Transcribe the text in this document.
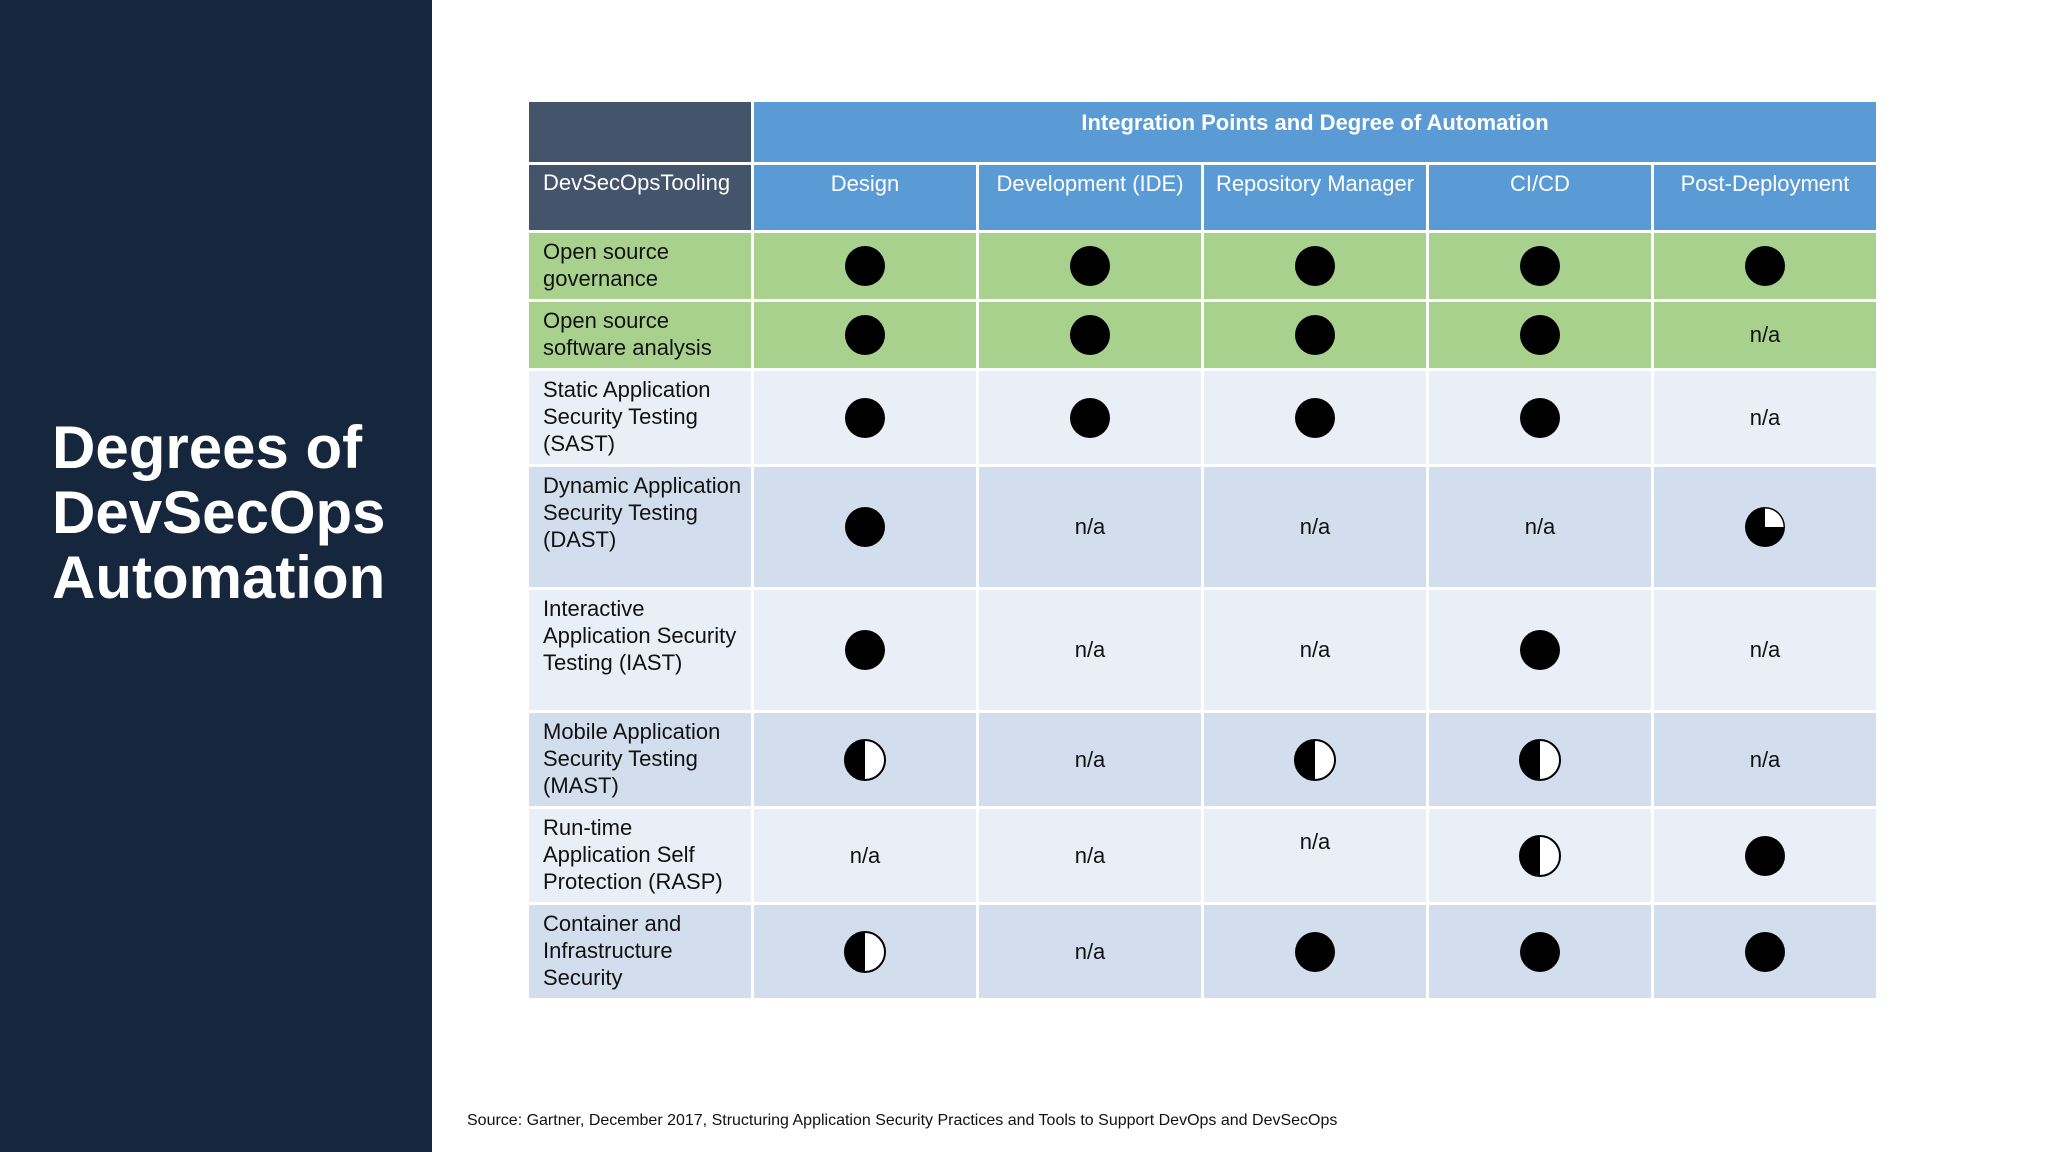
Degrees of DevSecOps Automation
	Integration Points and Degree of Automation				
DevSecOpsTooling	Design	Development (IDE)	Repository Manager	CI/CD	Post-Deployment
Open source governance	

Open source software analysis					n/a
Static Application Security Testing (SAST)					n/a
Dynamic Application Security Testing (DAST)		n/a	n/a	n/a	

Interactive Application Security Testing (IAST)		n/a	n/a		n/a
Mobile Application Security Testing (MAST)		n/a			n/a
Run-time Application Self Protection (RASP)	n/a	n/a	n/a	

Container and Infrastructure Security		n/a	

Source: Gartner, December 2017, Structuring Application Security Practices and Tools to Support DevOps and DevSecOps
